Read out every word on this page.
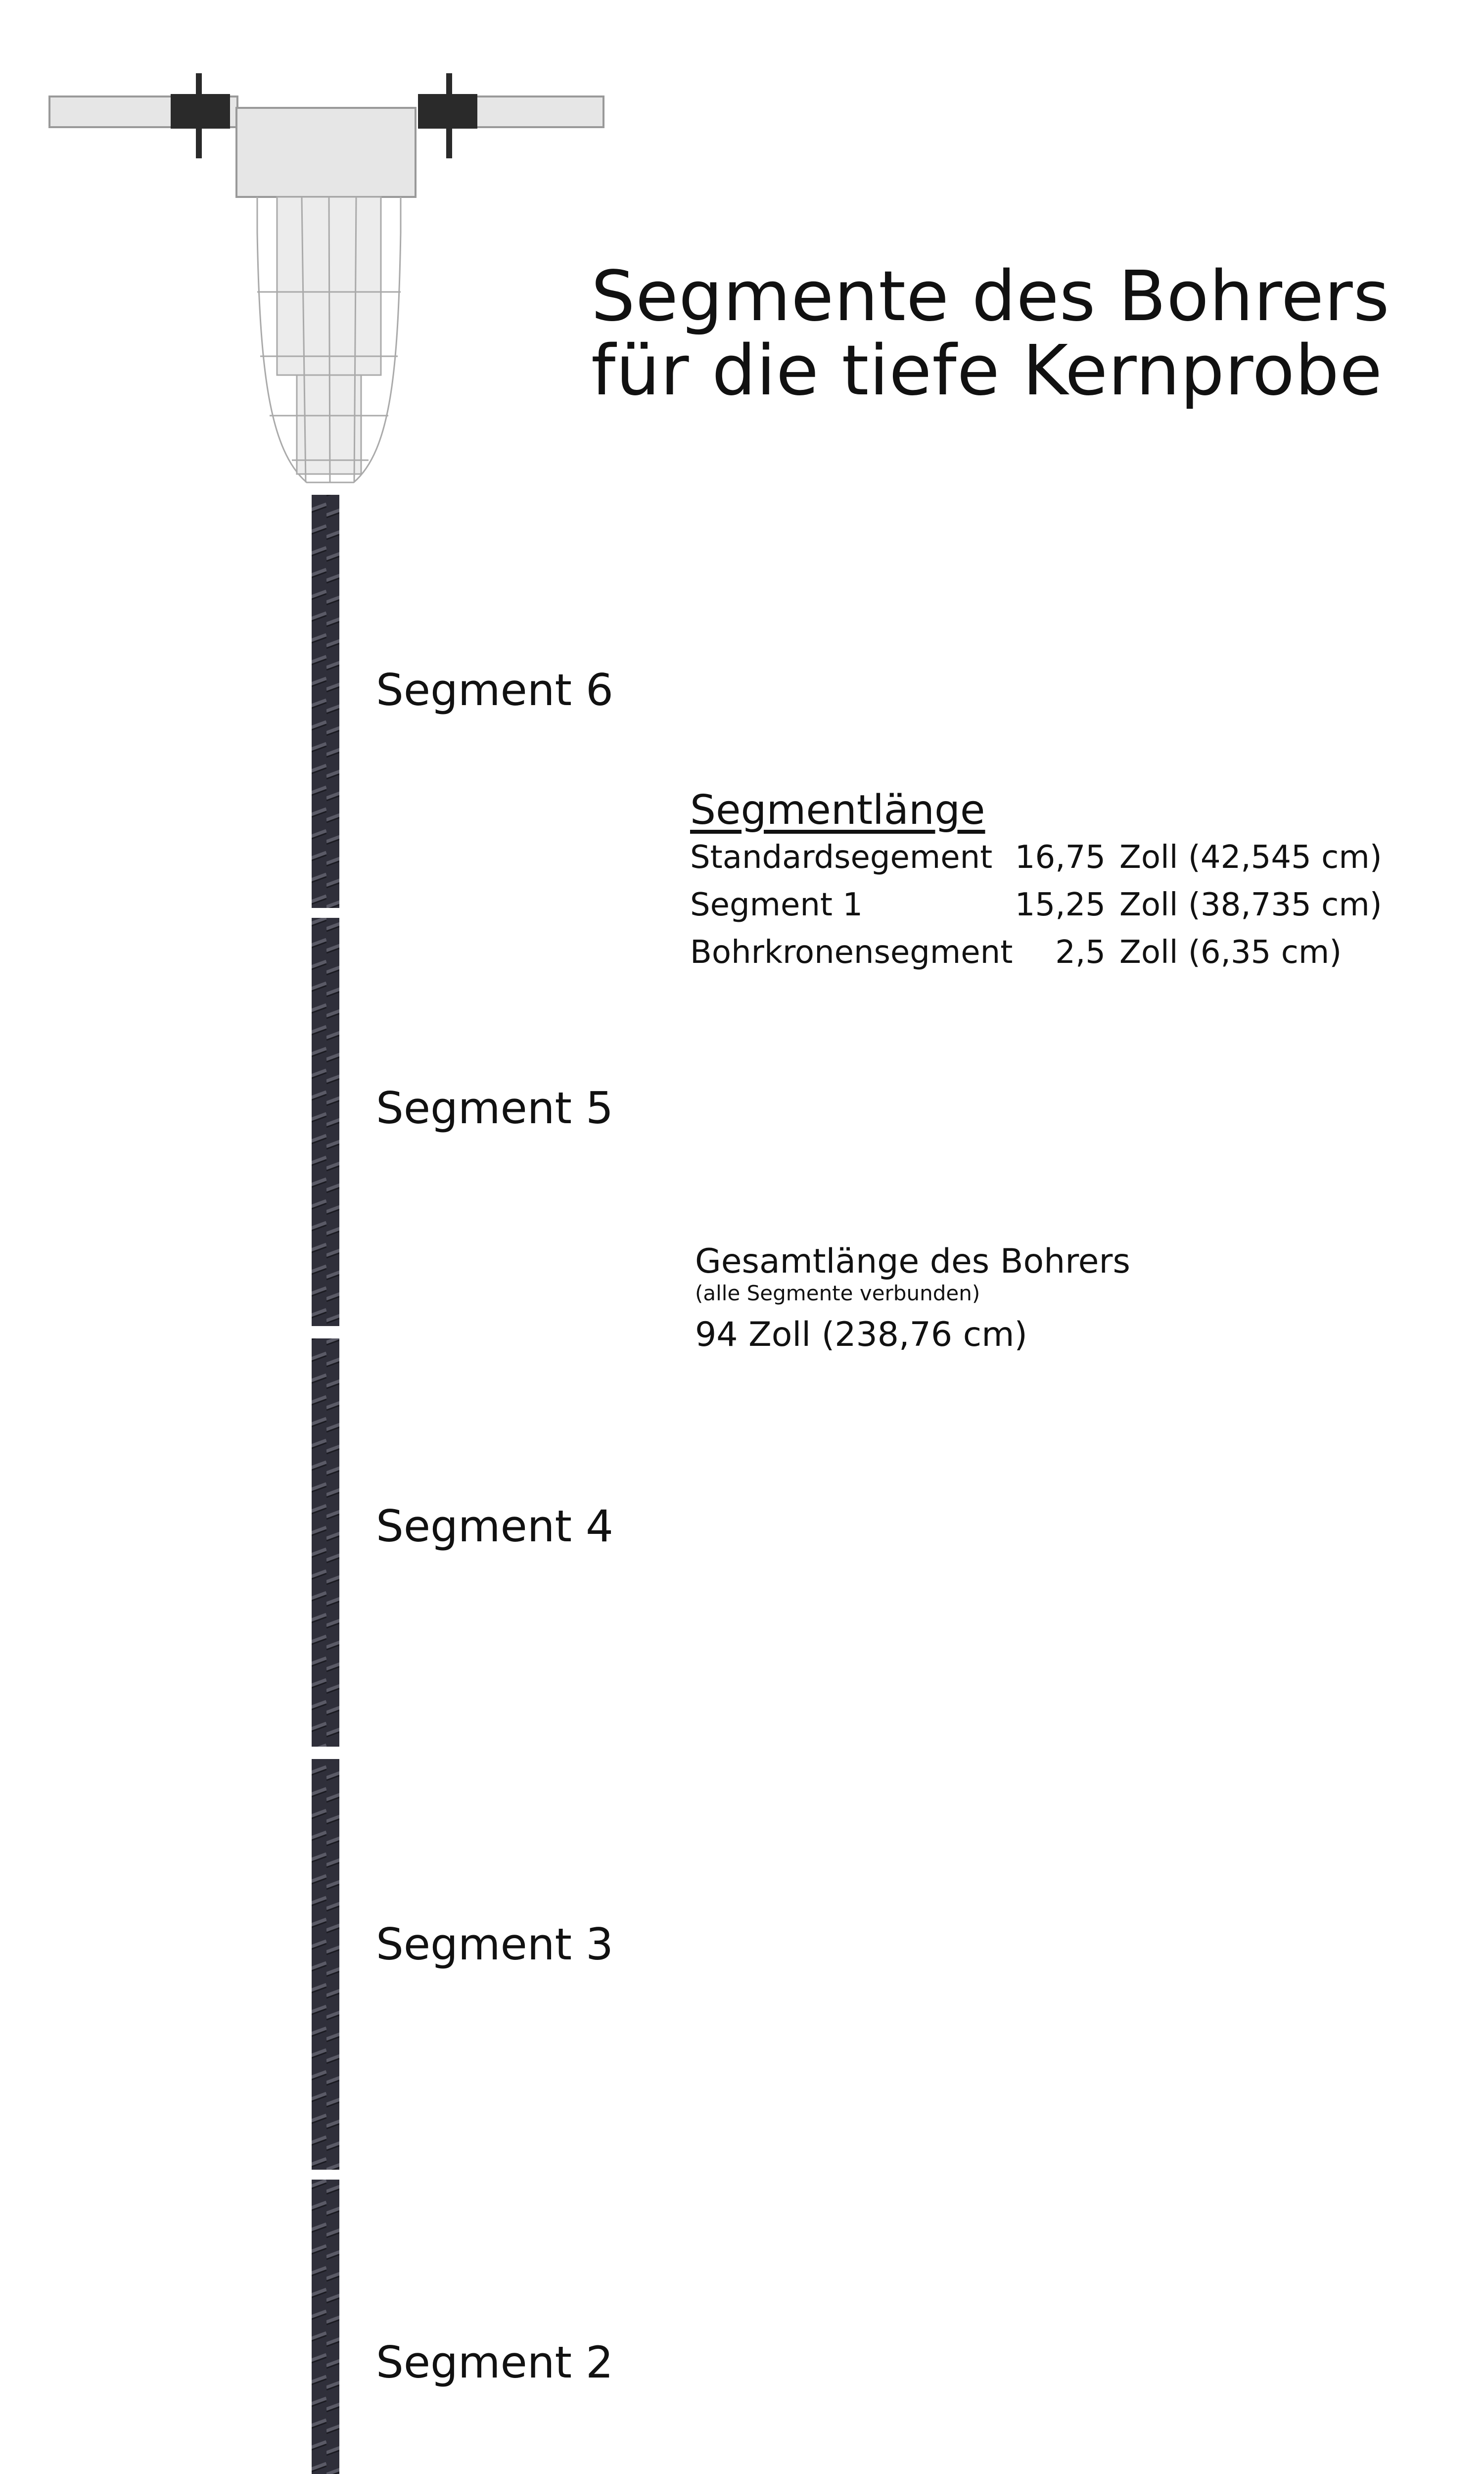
Segmente des Bohrers
für die tiefe Kernprobe
Segment 6
Segment 5
Segment 4
Segment 3
Segment 2
Segmentlänge
Standardsegement 16,75 Zoll (42,545 cm)
Segment 1	15,25 Zoll (38,735 cm)
Bohrkronensegment 2,5 Zoll (6,35 cm)
Gesamtlänge des Bohrers
(alle Segmente verbunden)
94 Zoll (238,76 cm)
